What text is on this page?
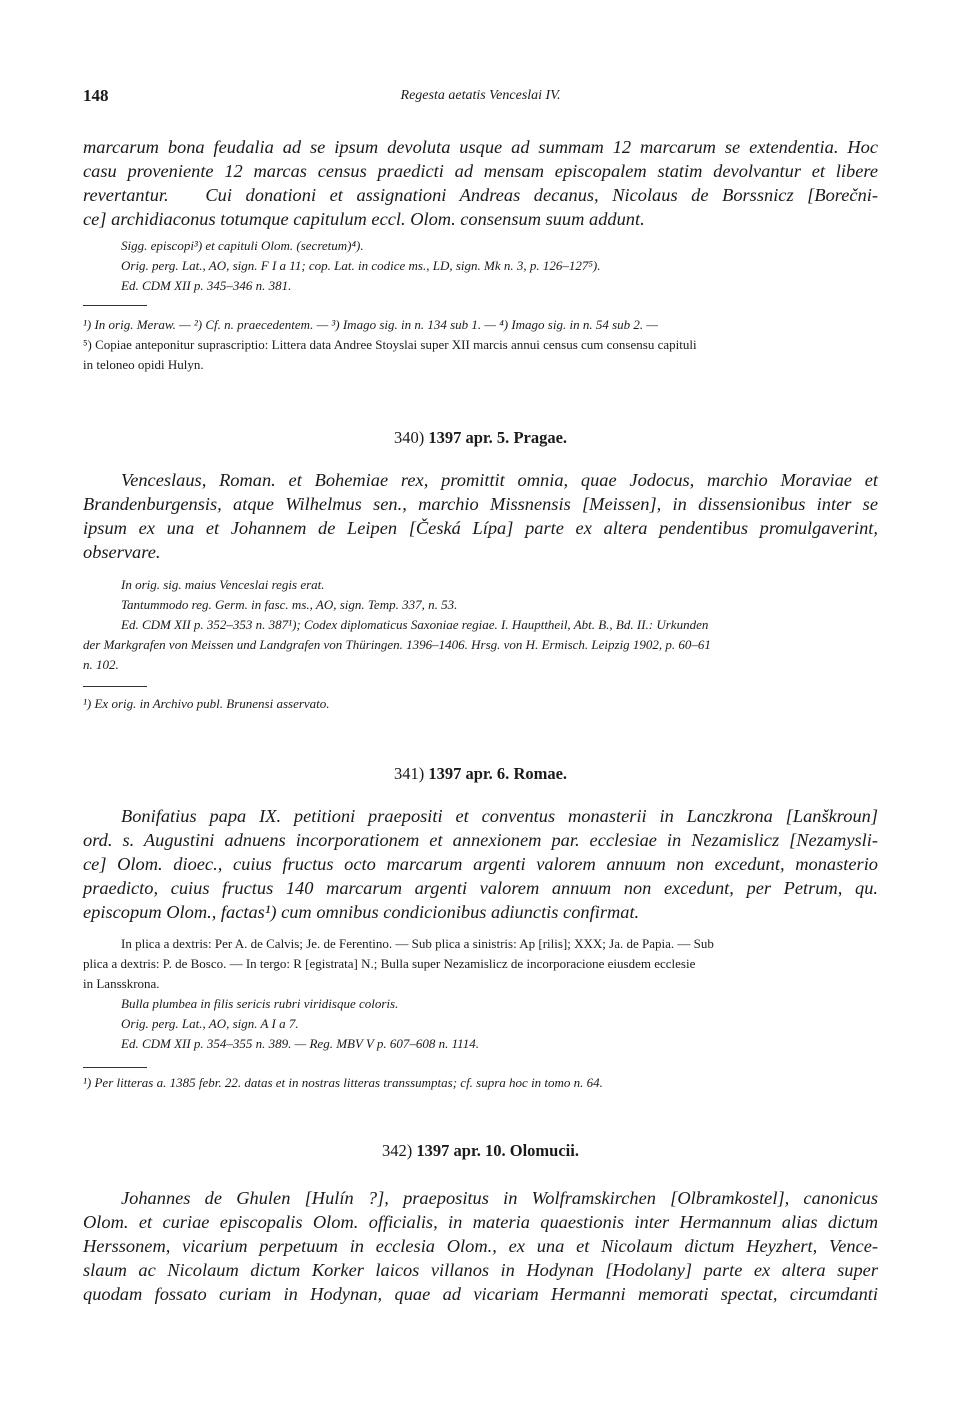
148	Regesta aetatis Venceslai IV.
marcarum bona feudalia ad se ipsum devoluta usque ad summam 12 marcarum se extendentia. Hoc
casu proveniente 12 marcas census praedicti ad mensam episcopalem statim devolvantur et libere
revertantur.  Cui donationi et assignationi Andreas decanus, Nicolaus de Borssnicz [Borečni-
ce] archidiaconus totumque capitulum eccl. Olom. consensum suum addunt.
Sigg. episcopi³) et capituli Olom. (secretum)⁴).
Orig. perg. Lat., AO, sign. F I a 11; cop. Lat. in codice ms., LD, sign. Mk n. 3, p. 126–127⁵).
Ed. CDM XII p. 345–346 n. 381.
¹) In orig. Meraw. — ²) Cf. n. praecedentem. — ³) Imago sig. in n. 134 sub 1. — ⁴) Imago sig. in n. 54 sub 2. —
⁵) Copiae anteponitur suprascriptio: Littera data Andree Stoyslai super XII marcis annui census cum consensu capituli
in teloneo opidi Hulyn.
340) 1397 apr. 5. Pragae.
Venceslaus, Roman. et Bohemiae rex, promittit omnia, quae Jodocus, marchio Moraviae et
Brandenburgensis, atque Wilhelmus sen., marchio Missnensis [Meissen], in dissensionibus inter se
ipsum ex una et Johannem de Leipen [Česká Lípa] parte ex altera pendentibus promulgaverint,
observare.
In orig. sig. maius Venceslai regis erat.
Tantummodo reg. Germ. in fasc. ms., AO, sign. Temp. 337, n. 53.
Ed. CDM XII p. 352–353 n. 387¹); Codex diplomaticus Saxoniae regiae. I. Haupttheil, Abt. B., Bd. II.: Urkunden
der Markgrafen von Meissen und Landgrafen von Thüringen. 1396–1406. Hrsg. von H. Ermisch. Leipzig 1902, p. 60–61
n. 102.
¹) Ex orig. in Archivo publ. Brunensi asservato.
341) 1397 apr. 6. Romae.
Bonifatius papa IX. petitioni praepositi et conventus monasterii in Lanczkrona [Lanškroun]
ord. s. Augustini adnuens incorporationem et annexionem par. ecclesiae in Nezamislicz [Nezamysli-
ce] Olom. dioec., cuius fructus octo marcarum argenti valorem annuum non excedunt, monasterio
praedicto, cuius fructus 140 marcarum argenti valorem annuum non excedunt, per Petrum, qu.
episcopum Olom., factas¹) cum omnibus condicionibus adiunctis confirmat.
In plica a dextris: Per A. de Calvis; Je. de Ferentino. — Sub plica a sinistris: Ap [rilis]; XXX; Ja. de Papia. — Sub
plica a dextris: P. de Bosco. — In tergo: R [egistrata] N.; Bulla super Nezamislicz de incorporacione eiusdem ecclesie
in Lansskrona.
Bulla plumbea in filis sericis rubri viridisque coloris.
Orig. perg. Lat., AO, sign. A I a 7.
Ed. CDM XII p. 354–355 n. 389. — Reg. MBV V p. 607–608 n. 1114.
¹) Per litteras a. 1385 febr. 22. datas et in nostras litteras transsumptas; cf. supra hoc in tomo n. 64.
342) 1397 apr. 10. Olomucii.
Johannes de Ghulen [Hulín ?], praepositus in Wolframskirchen [Olbramkostel], canonicus
Olom. et curiae episcopalis Olom. officialis, in materia quaestionis inter Hermannum alias dictum
Herssonem, vicarium perpetuum in ecclesia Olom., ex una et Nicolaum dictum Heyzhert, Vence-
slaum ac Nicolaum dictum Korker laicos villanos in Hodynan [Hodolany] parte ex altera super
quodam fossato curiam in Hodynan, quae ad vicariam Hermanni memorati spectat, circumdanti
